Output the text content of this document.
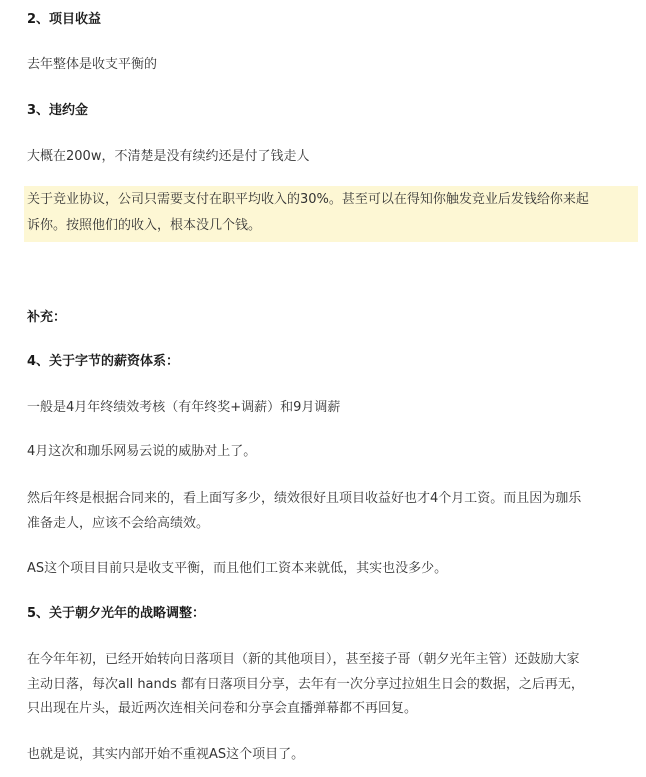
2、项目收益
去年整体是收支平衡的
3、违约金
大概在200w，不清楚是没有续约还是付了钱走人
关于竞业协议，公司只需要支付在职平均收入的30%。甚至可以在得知你触发竞业后发钱给你来起
诉你。按照他们的收入，根本没几个钱。
补充：
4、关于字节的薪资体系：
一般是4月年终绩效考核（有年终奖+调薪）和9月调薪
4月这次和珈乐网易云说的威胁对上了。
然后年终是根据合同来的，看上面写多少，绩效很好且项目收益好也才4个月工资。而且因为珈乐
准备走人，应该不会给高绩效。
AS这个项目目前只是收支平衡，而且他们工资本来就低，其实也没多少。
5、关于朝夕光年的战略调整：
在今年年初，已经开始转向日落项目（新的其他项目），甚至接子哥（朝夕光年主管）还鼓励大家
主动日落，每次all hands 都有日落项目分享，去年有一次分享过拉姐生日会的数据，之后再无，
只出现在片头，最近两次连相关问卷和分享会直播弹幕都不再回复。
也就是说，其实内部开始不重视AS这个项目了。
